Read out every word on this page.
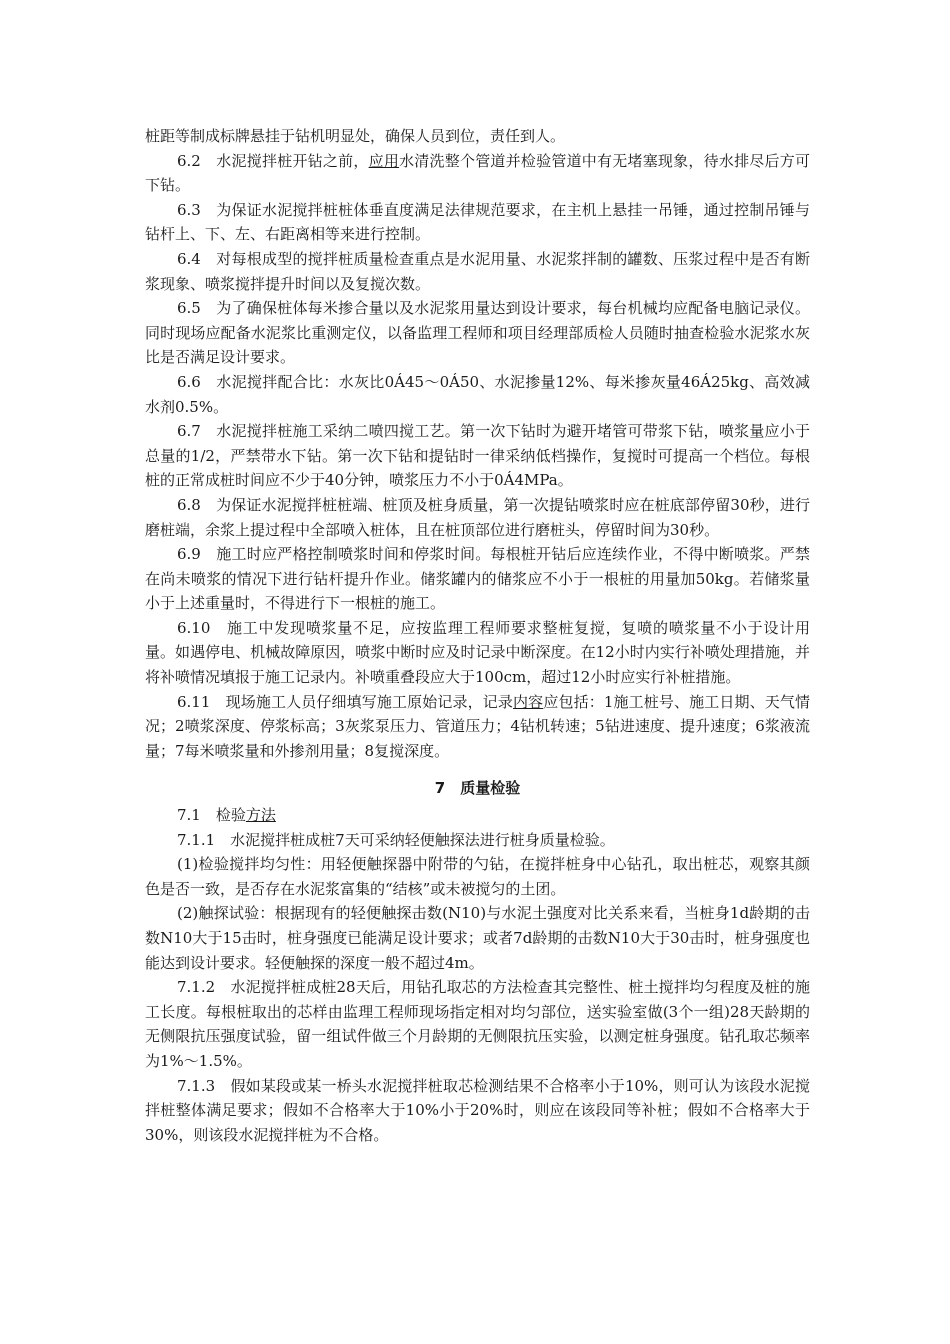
桩距等制成标牌悬挂于钻机明显处，确保人员到位，责任到人。

6.2　水泥搅拌桩开钻之前，应用水清洗整个管道并检验管道中有无堵塞现象，待水排尽后方可下钻。

6.3　为保证水泥搅拌桩桩体垂直度满足法律规范要求，在主机上悬挂一吊锤，通过控制吊锤与钻杆上、下、左、右距离相等来进行控制。

6.4　对每根成型的搅拌桩质量检查重点是水泥用量、水泥浆拌制的罐数、压浆过程中是否有断浆现象、喷浆搅拌提升时间以及复搅次数。

6.5　为了确保桩体每米掺合量以及水泥浆用量达到设计要求，每台机械均应配备电脑记录仪。同时现场应配备水泥浆比重测定仪，以备监理工程师和项目经理部质检人员随时抽查检验水泥浆水灰比是否满足设计要求。

6.6　水泥搅拌配合比：水灰比0Á45～0Á50、水泥掺量12%、每米掺灰量46Á25kg、高效减水剂0.5%。

6.7　水泥搅拌桩施工采纳二喷四搅工艺。第一次下钻时为避开堵管可带浆下钻，喷浆量应小于总量的1/2，严禁带水下钻。第一次下钻和提钻时一律采纳低档操作，复搅时可提高一个档位。每根桩的正常成桩时间应不少于40分钟，喷浆压力不小于0Á4MPa。

6.8　为保证水泥搅拌桩桩端、桩顶及桩身质量，第一次提钻喷浆时应在桩底部停留30秒，进行磨桩端，余浆上提过程中全部喷入桩体，且在桩顶部位进行磨桩头，停留时间为30秒。

6.9　施工时应严格控制喷浆时间和停浆时间。每根桩开钻后应连续作业，不得中断喷浆。严禁在尚未喷浆的情况下进行钻杆提升作业。储浆罐内的储浆应不小于一根桩的用量加50kg。若储浆量小于上述重量时，不得进行下一根桩的施工。

6.10　施工中发现喷浆量不足，应按监理工程师要求整桩复搅，复喷的喷浆量不小于设计用量。如遇停电、机械故障原因，喷浆中断时应及时记录中断深度。在12小时内实行补喷处理措施，并将补喷情况填报于施工记录内。补喷重叠段应大于100cm，超过12小时应实行补桩措施。

6.11　现场施工人员仔细填写施工原始记录，记录内容应包括：1施工桩号、施工日期、天气情况；2喷浆深度、停浆标高；3灰浆泵压力、管道压力；4钻机转速；5钻进速度、提升速度；6浆液流量；7每米喷浆量和外掺剂用量；8复搅深度。

7　质量检验

7.1　检验方法

7.1.1　水泥搅拌桩成桩7天可采纳轻便触探法进行桩身质量检验。

(1)检验搅拌均匀性：用轻便触探器中附带的勺钻，在搅拌桩身中心钻孔，取出桩芯，观察其颜色是否一致，是否存在水泥浆富集的“结核”或未被搅匀的土团。

(2)触探试验：根据现有的轻便触探击数(N10)与水泥土强度对比关系来看，当桩身1d龄期的击数N10大于15击时，桩身强度已能满足设计要求；或者7d龄期的击数N10大于30击时，桩身强度也能达到设计要求。轻便触探的深度一般不超过4m。

7.1.2　水泥搅拌桩成桩28天后，用钻孔取芯的方法检查其完整性、桩土搅拌均匀程度及桩的施工长度。每根桩取出的芯样由监理工程师现场指定相对均匀部位，送实验室做(3个一组)28天龄期的无侧限抗压强度试验，留一组试件做三个月龄期的无侧限抗压实验，以测定桩身强度。钻孔取芯频率为1%～1.5%。

7.1.3　假如某段或某一桥头水泥搅拌桩取芯检测结果不合格率小于10%，则可认为该段水泥搅拌桩整体满足要求；假如不合格率大于10%小于20%时，则应在该段同等补桩；假如不合格率大于30%，则该段水泥搅拌桩为不合格。
